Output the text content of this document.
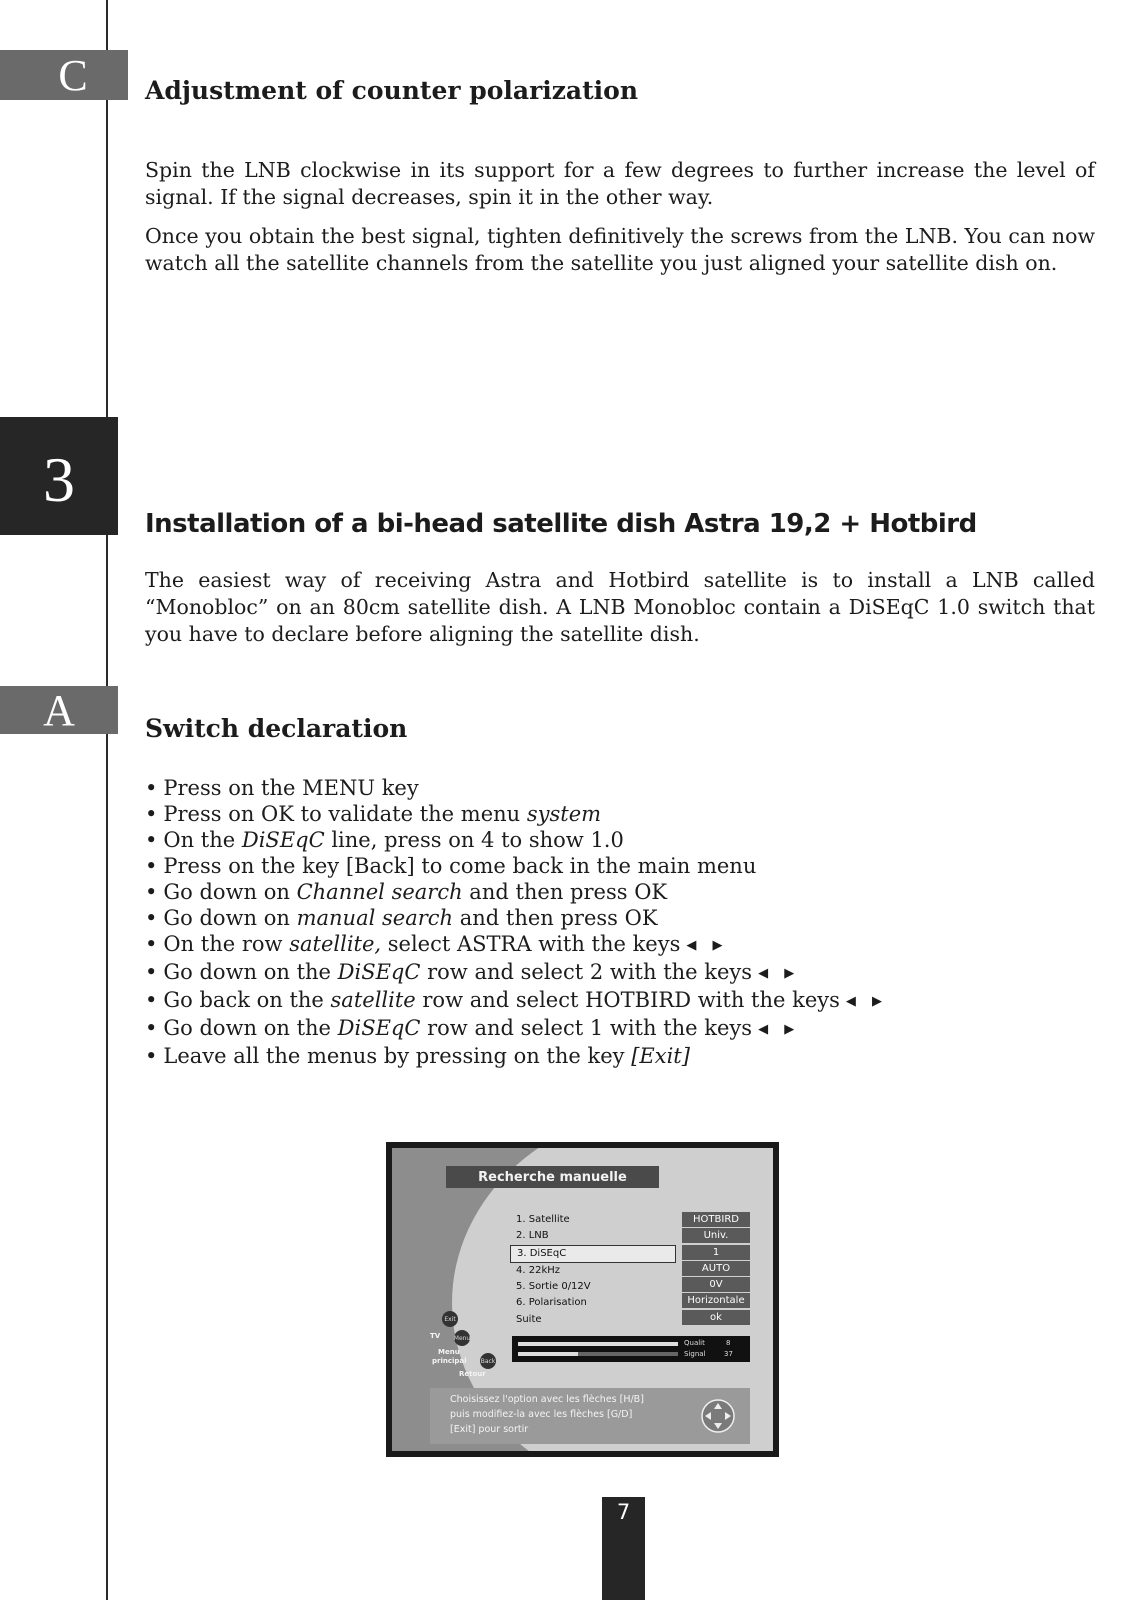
C
3
A
Adjustment of counter polarization

Spin the LNB clockwise in its support for a few degrees to further increase the level of signal. If the signal decreases, spin it in the other way.

Once you obtain the best signal, tighten definitively the screws from the LNB. You can now watch all the satellite channels from the satellite you just aligned your satellite dish on.

Installation of a bi-head satellite dish Astra 19,2 + Hotbird

The easiest way of receiving Astra and Hotbird satellite is to install a LNB called “Monobloc” on an 80cm satellite dish. A LNB Monobloc contain a DiSEqC 1.0 switch that you have to declare before aligning the satellite dish.

Switch declaration
• Press on the MENU key
• Press on OK to validate the menu system
• On the DiSEqC line, press on 4 to show 1.0
• Press on the key [Back] to come back in the main menu
• Go down on Channel search and then press OK
• Go down on manual search and then press OK
• On the row satellite, select ASTRA with the keys ◀ ▶
• Go down on the DiSEqC row and select 2 with the keys ◀ ▶
• Go back on the satellite row and select HOTBIRD with the keys ◀ ▶
• Go down on the DiSEqC row and select 1 with the keys ◀ ▶
• Leave all the menus by pressing on the key [Exit]
Recherche manuelle
1. Satellite
2. LNB
3. DiSEqC
4. 22kHz
5. Sortie 0/12V
6. Polarisation
Suite
HOTBIRD
Univ.
1
AUTO
0V
Horizontale
ok
Exit
TV Menu
Menu
principal Back
Retour
Qualit	8
Signal	37
Choisissez l'option avec les flèches [H/B]
puis modifiez-la avec les flèches [G/D]
[Exit] pour sortir
7
